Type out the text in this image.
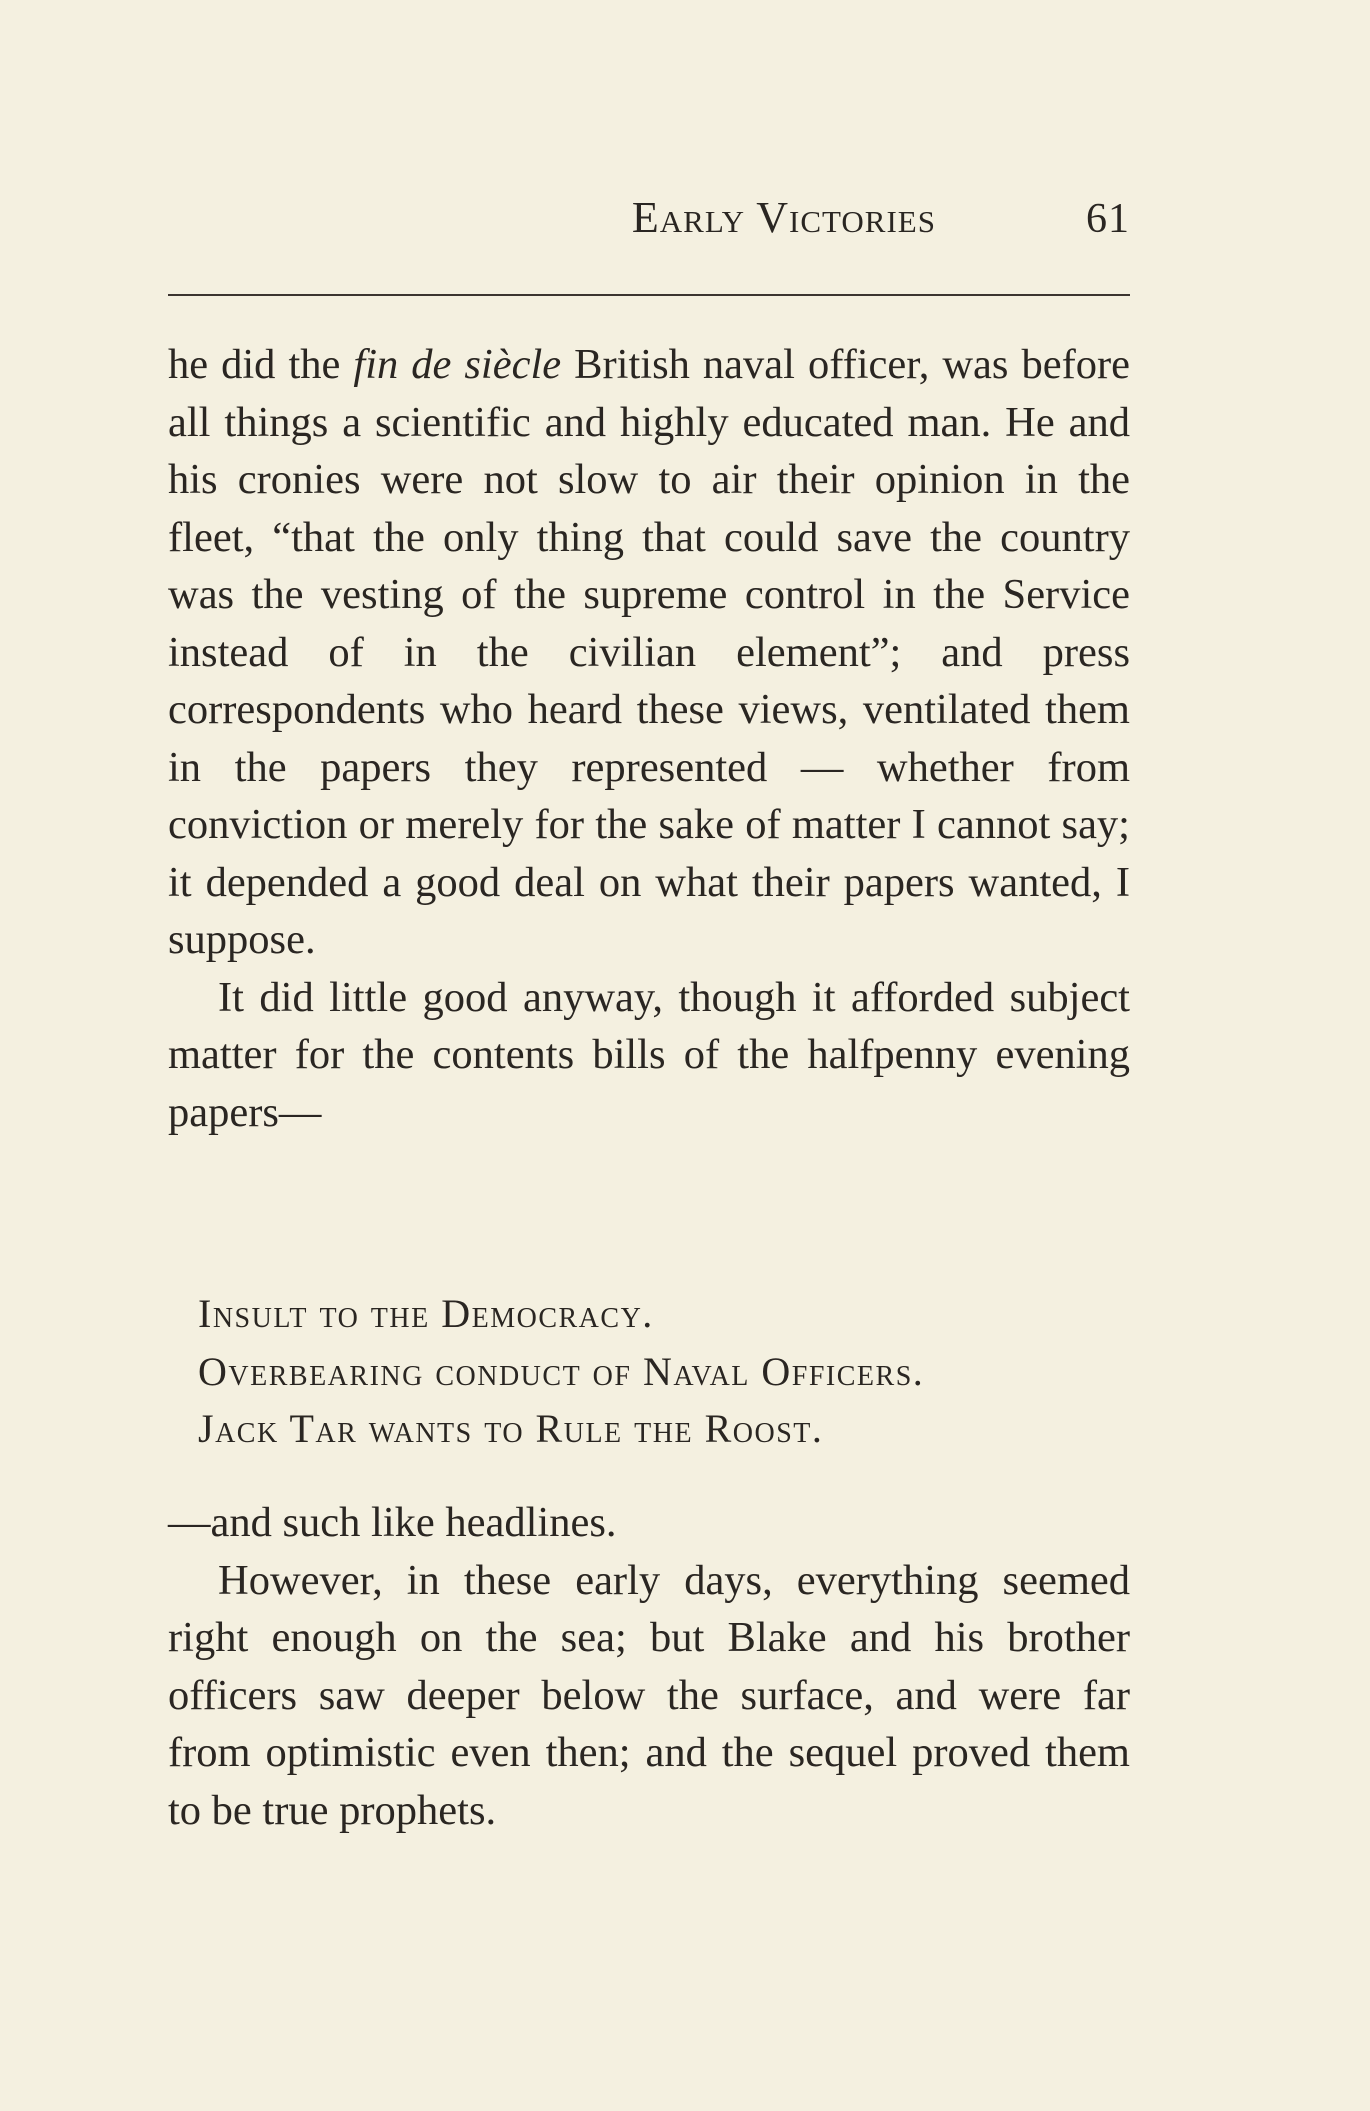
Early Victories	61

he did the fin de siècle British naval officer, was before all things a scientific and highly educated man. He and his cronies were not slow to air their opinion in the fleet, “that the only thing that could save the country was the vesting of the supreme control in the Service instead of in the civilian element”; and press correspondents who heard these views, ventilated them in the papers they represented — whether from conviction or merely for the sake of matter I cannot say; it depended a good deal on what their papers wanted, I suppose.

It did little good anyway, though it afforded subject matter for the contents bills of the halfpenny evening papers—

Insult to the Democracy.
Overbearing conduct of Naval Officers.
Jack Tar wants to Rule the Roost.

—and such like headlines.

However, in these early days, everything seemed right enough on the sea; but Blake and his brother officers saw deeper below the surface, and were far from optimistic even then; and the sequel proved them to be true prophets.
